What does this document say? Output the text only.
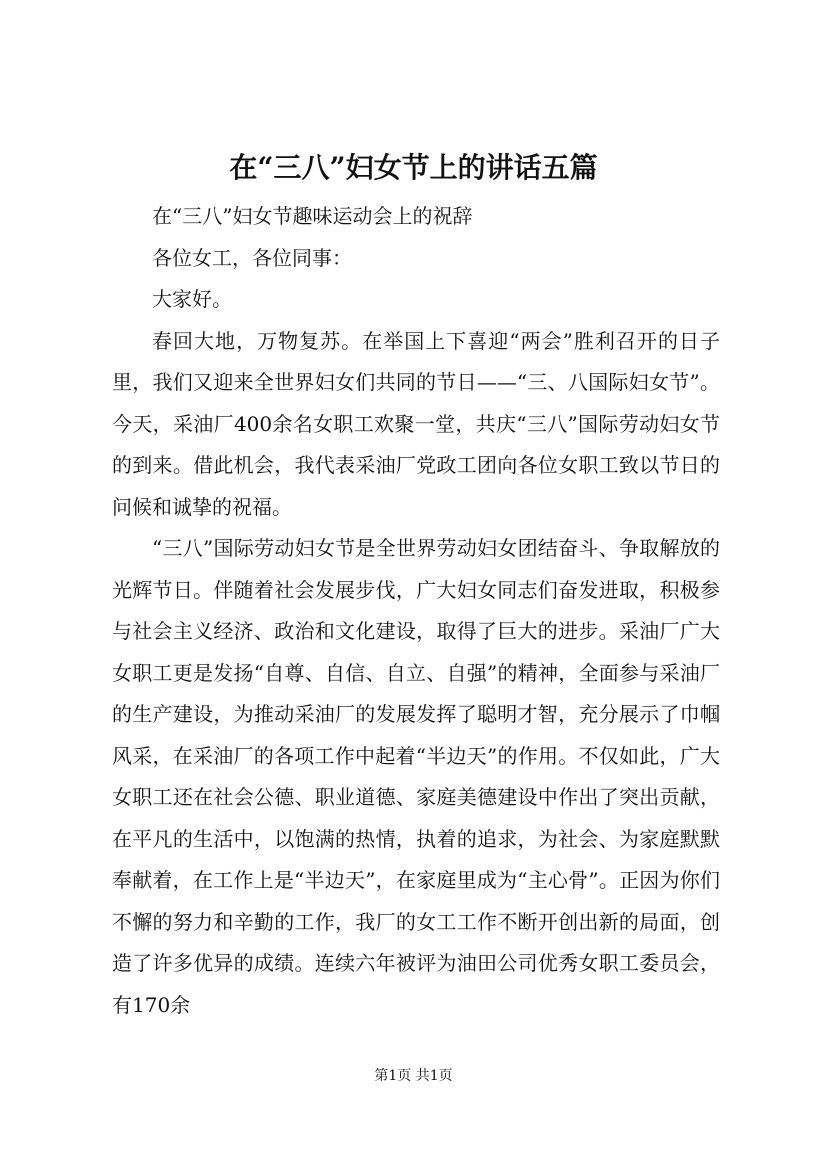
在“三八”妇女节上的讲话五篇

在“三八”妇女节趣味运动会上的祝辞

各位女工，各位同事：

大家好。

春回大地，万物复苏。在举国上下喜迎“两会”胜利召开的日子里，我们又迎来全世界妇女们共同的节日——“三、八国际妇女节”。今天，采油厂400余名女职工欢聚一堂，共庆“三八”国际劳动妇女节的到来。借此机会，我代表采油厂党政工团向各位女职工致以节日的问候和诚挚的祝福。

“三八”国际劳动妇女节是全世界劳动妇女团结奋斗、争取解放的光辉节日。伴随着社会发展步伐，广大妇女同志们奋发进取，积极参与社会主义经济、政治和文化建设，取得了巨大的进步。采油厂广大女职工更是发扬“自尊、自信、自立、自强”的精神，全面参与采油厂的生产建设，为推动采油厂的发展发挥了聪明才智，充分展示了巾帼风采，在采油厂的各项工作中起着“半边天”的作用。不仅如此，广大女职工还在社会公德、职业道德、家庭美德建设中作出了突出贡献，在平凡的生活中，以饱满的热情，执着的追求，为社会、为家庭默默奉献着，在工作上是“半边天”，在家庭里成为“主心骨”。正因为你们不懈的努力和辛勤的工作，我厂的女工工作不断开创出新的局面，创造了许多优异的成绩。连续六年被评为油田公司优秀女职工委员会，有170余

第1页 共1页
